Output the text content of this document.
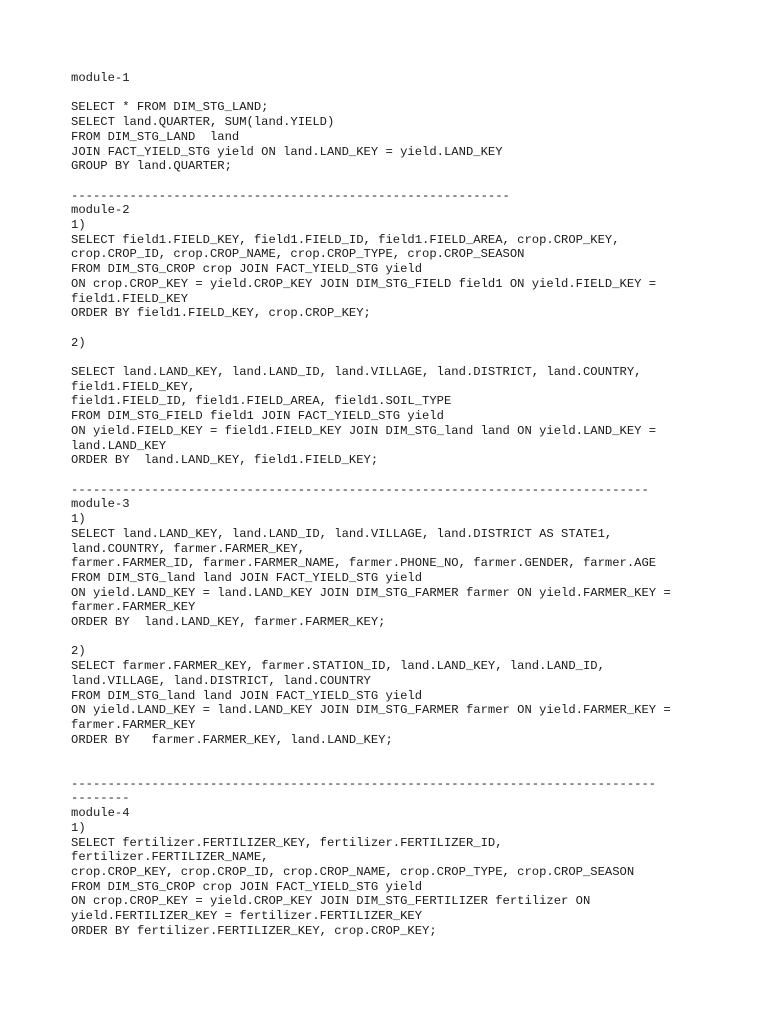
module-1

SELECT * FROM DIM_STG_LAND;
SELECT land.QUARTER, SUM(land.YIELD)
FROM DIM_STG_LAND  land
JOIN FACT_YIELD_STG yield ON land.LAND_KEY = yield.LAND_KEY
GROUP BY land.QUARTER;

------------------------------------------------------------
module-2
1)
SELECT field1.FIELD_KEY, field1.FIELD_ID, field1.FIELD_AREA, crop.CROP_KEY,
crop.CROP_ID, crop.CROP_NAME, crop.CROP_TYPE, crop.CROP_SEASON
FROM DIM_STG_CROP crop JOIN FACT_YIELD_STG yield
ON crop.CROP_KEY = yield.CROP_KEY JOIN DIM_STG_FIELD field1 ON yield.FIELD_KEY =
field1.FIELD_KEY
ORDER BY field1.FIELD_KEY, crop.CROP_KEY;

2)

SELECT land.LAND_KEY, land.LAND_ID, land.VILLAGE, land.DISTRICT, land.COUNTRY,
field1.FIELD_KEY,
field1.FIELD_ID, field1.FIELD_AREA, field1.SOIL_TYPE
FROM DIM_STG_FIELD field1 JOIN FACT_YIELD_STG yield
ON yield.FIELD_KEY = field1.FIELD_KEY JOIN DIM_STG_land land ON yield.LAND_KEY =
land.LAND_KEY
ORDER BY  land.LAND_KEY, field1.FIELD_KEY;

-------------------------------------------------------------------------------
module-3
1)
SELECT land.LAND_KEY, land.LAND_ID, land.VILLAGE, land.DISTRICT AS STATE1,
land.COUNTRY, farmer.FARMER_KEY,
farmer.FARMER_ID, farmer.FARMER_NAME, farmer.PHONE_NO, farmer.GENDER, farmer.AGE
FROM DIM_STG_land land JOIN FACT_YIELD_STG yield
ON yield.LAND_KEY = land.LAND_KEY JOIN DIM_STG_FARMER farmer ON yield.FARMER_KEY =
farmer.FARMER_KEY
ORDER BY  land.LAND_KEY, farmer.FARMER_KEY;

2)
SELECT farmer.FARMER_KEY, farmer.STATION_ID, land.LAND_KEY, land.LAND_ID,
land.VILLAGE, land.DISTRICT, land.COUNTRY
FROM DIM_STG_land land JOIN FACT_YIELD_STG yield
ON yield.LAND_KEY = land.LAND_KEY JOIN DIM_STG_FARMER farmer ON yield.FARMER_KEY =
farmer.FARMER_KEY
ORDER BY   farmer.FARMER_KEY, land.LAND_KEY;

--------------------------------------------------------------------------------
--------
module-4
1)
SELECT fertilizer.FERTILIZER_KEY, fertilizer.FERTILIZER_ID,
fertilizer.FERTILIZER_NAME,
crop.CROP_KEY, crop.CROP_ID, crop.CROP_NAME, crop.CROP_TYPE, crop.CROP_SEASON
FROM DIM_STG_CROP crop JOIN FACT_YIELD_STG yield
ON crop.CROP_KEY = yield.CROP_KEY JOIN DIM_STG_FERTILIZER fertilizer ON
yield.FERTILIZER_KEY = fertilizer.FERTILIZER_KEY
ORDER BY fertilizer.FERTILIZER_KEY, crop.CROP_KEY;
